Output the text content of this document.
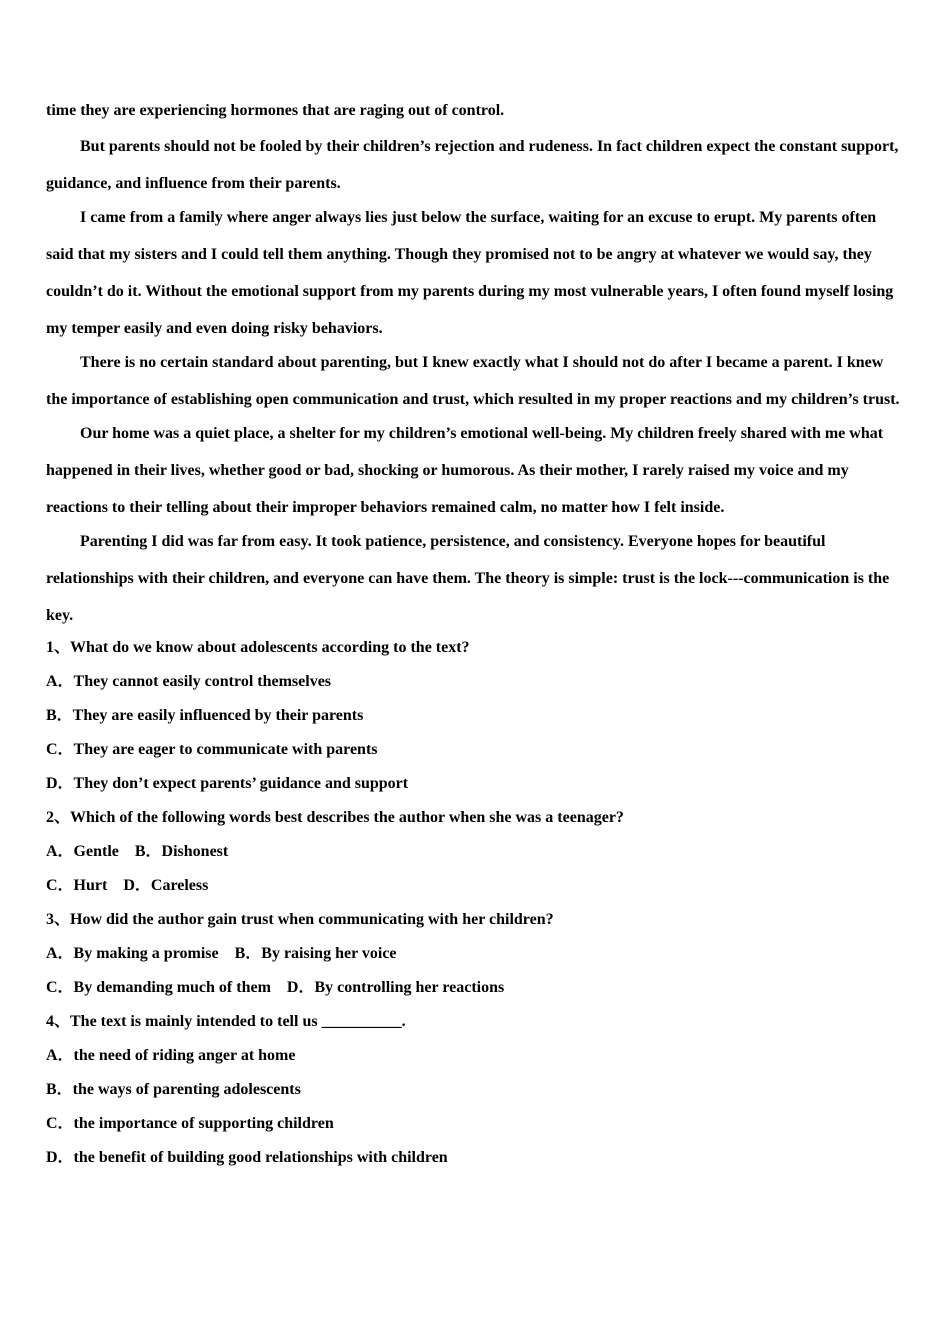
time they are experiencing hormones that are raging out of control.

But parents should not be fooled by their children’s rejection and rudeness. In fact children expect the constant support, guidance, and influence from their parents.

I came from a family where anger always lies just below the surface, waiting for an excuse to erupt. My parents often said that my sisters and I could tell them anything. Though they promised not to be angry at whatever we would say, they couldn’t do it. Without the emotional support from my parents during my most vulnerable years, I often found myself losing my temper easily and even doing risky behaviors.

There is no certain standard about parenting, but I knew exactly what I should not do after I became a parent. I knew the importance of establishing open communication and trust, which resulted in my proper reactions and my children’s trust.

Our home was a quiet place, a shelter for my children’s emotional well-being. My children freely shared with me what happened in their lives, whether good or bad, shocking or humorous. As their mother, I rarely raised my voice and my reactions to their telling about their improper behaviors remained calm, no matter how I felt inside.

Parenting I did was far from easy. It took patience, persistence, and consistency. Everyone hopes for beautiful relationships with their children, and everyone can have them. The theory is simple: trust is the lock---communication is the key.

1、What do we know about adolescents according to the text?

A．They cannot easily control themselves

B．They are easily influenced by their parents

C．They are eager to communicate with parents

D．They don’t expect parents’ guidance and support

2、Which of the following words best describes the author when she was a teenager?

A．Gentle    B．Dishonest

C．Hurt    D．Careless

3、How did the author gain trust when communicating with her children?

A．By making a promise    B．By raising her voice

C．By demanding much of them    D．By controlling her reactions

4、The text is mainly intended to tell us __________.

A．the need of riding anger at home

B．the ways of parenting adolescents

C．the importance of supporting children

D．the benefit of building good relationships with children
